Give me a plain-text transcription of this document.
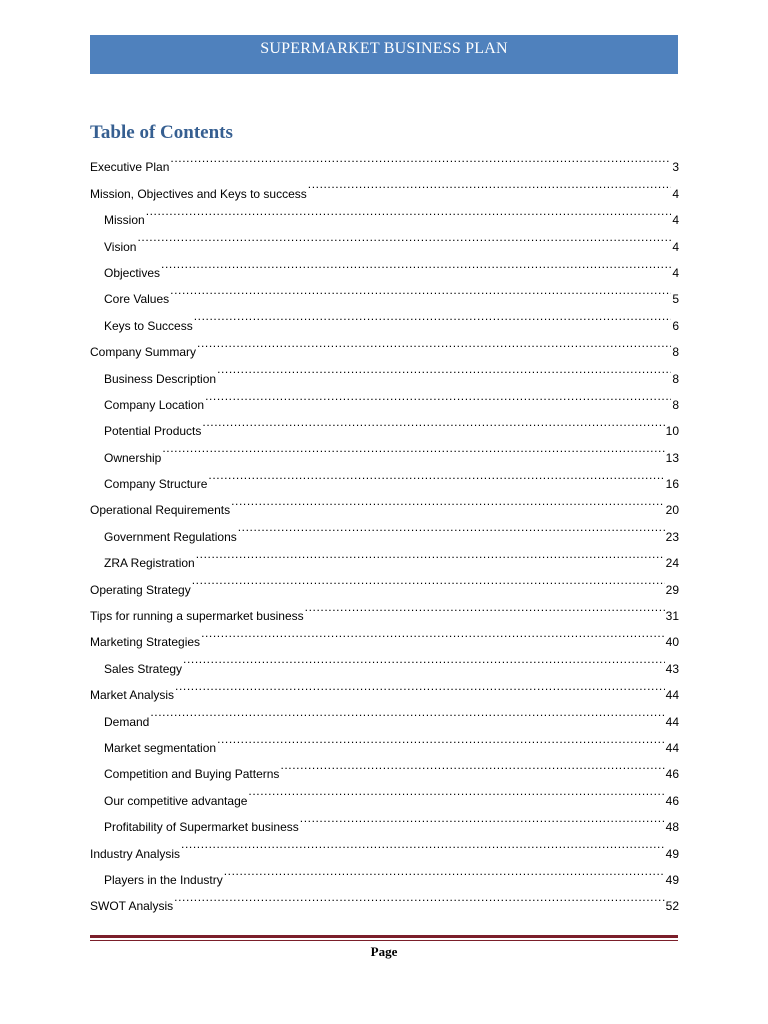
SUPERMARKET BUSINESS PLAN
Table of Contents
Executive Plan .....	3
Mission, Objectives and Keys to success .....	4
Mission .....	4
Vision .....	4
Objectives .....	4
Core Values .....	5
Keys to Success .....	6
Company Summary .....	8
Business Description .....	8
Company Location .....	8
Potential Products .....	10
Ownership .....	13
Company Structure .....	16
Operational Requirements .....	20
Government Regulations .....	23
ZRA Registration .....	24
Operating Strategy .....	29
Tips for running a supermarket business .....	31
Marketing Strategies .....	40
Sales Strategy .....	43
Market Analysis .....	44
Demand .....	44
Market segmentation .....	44
Competition and Buying Patterns .....	46
Our competitive advantage .....	46
Profitability of Supermarket business .....	48
Industry Analysis .....	49
Players in the Industry .....	49
SWOT Analysis .....	52
Page
